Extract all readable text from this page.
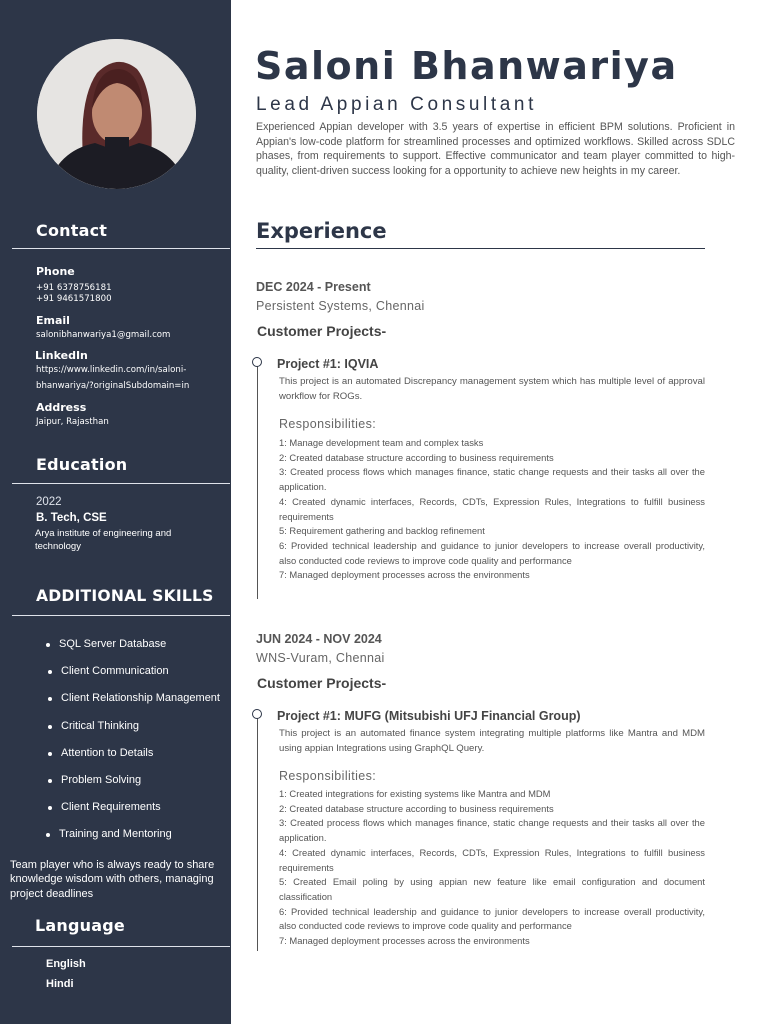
Contact
Phone
+91 6378756181
+91 9461571800
Email
salonibhanwariya1@gmail.com
LinkedIn
https://www.linkedin.com/in/saloni-
bhanwariya/?originalSubdomain=in
Address
Jaipur, Rajasthan
Education
2022
B. Tech, CSE
Arya institute of engineering and
technology
ADDITIONAL SKILLS
SQL Server Database
Client Communication
Client Relationship Management
Critical Thinking
Attention to Details
Problem Solving
Client Requirements
Training and Mentoring
Team player who is always ready to share
knowledge wisdom with others, managing
project deadlines
Language
English
Hindi
Saloni Bhanwariya
Lead Appian Consultant
Experienced Appian developer with 3.5 years of expertise in efficient BPM solutions. Proficient in Appian's low-code platform for streamlined processes and optimized workflows. Skilled across SDLC phases, from requirements to support. Effective communicator and team player committed to high-quality, client-driven success looking for a opportunity to achieve new heights in my career.
Experience
DEC 2024 - Present
Persistent Systems, Chennai
Customer Projects-
Project #1: IQVIA
This project is an automated Discrepancy management system which has multiple level of approval workflow for ROGs.
Responsibilities:
1: Manage development team and complex tasks
2: Created database structure according to business requirements
3: Created process flows which manages finance, static change requests and their tasks all over the application.
4: Created dynamic interfaces, Records, CDTs, Expression Rules, Integrations to fulfill business requirements
5: Requirement gathering and backlog refinement
6: Provided technical leadership and guidance to junior developers to increase overall productivity, also conducted code reviews to improve code quality and performance
7: Managed deployment processes across the environments
JUN 2024 - NOV 2024
WNS-Vuram, Chennai
Customer Projects-
Project #1: MUFG (Mitsubishi UFJ Financial Group)
This project is an automated finance system integrating multiple platforms like Mantra and MDM using appian Integrations using GraphQL Query.
Responsibilities:
1: Created integrations for existing systems like Mantra and MDM
2: Created database structure according to business requirements
3: Created process flows which manages finance, static change requests and their tasks all over the application.
4: Created dynamic interfaces, Records, CDTs, Expression Rules, Integrations to fulfill business requirements
5: Created Email poling by using appian new feature like email configuration and document classification
6: Provided technical leadership and guidance to junior developers to increase overall productivity, also conducted code reviews to improve code quality and performance
7: Managed deployment processes across the environments
